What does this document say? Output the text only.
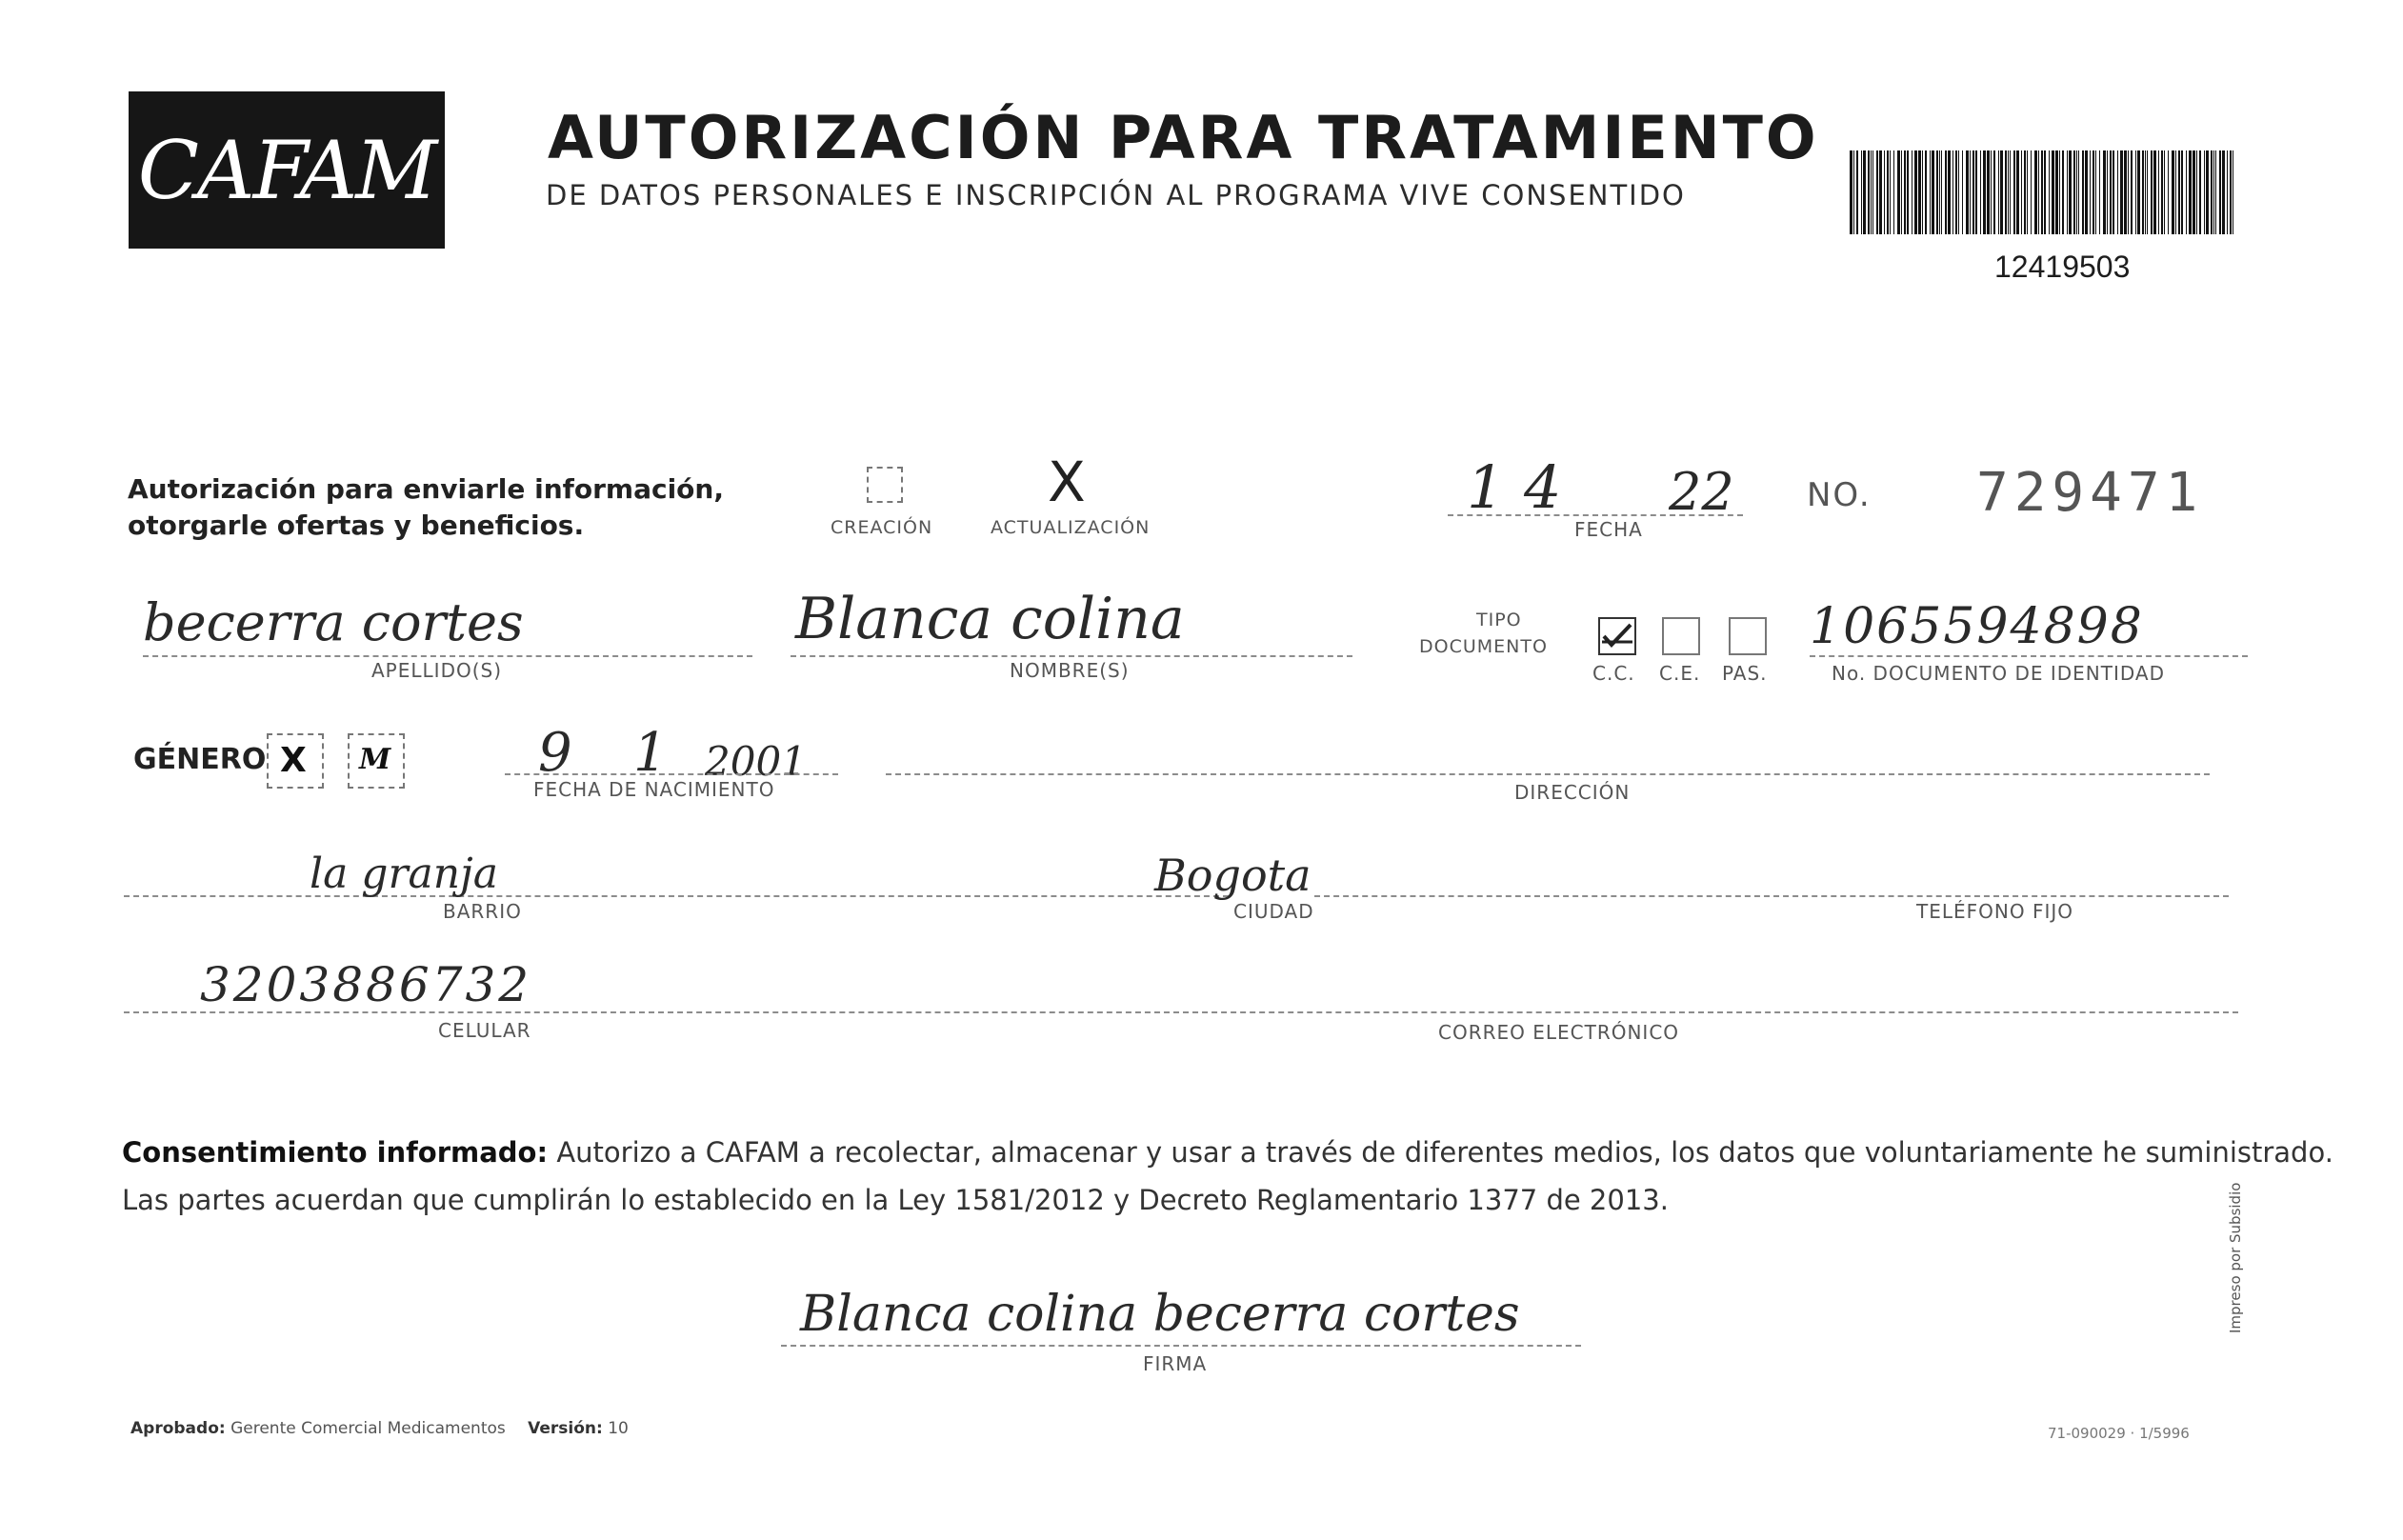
CAFAM AUTORIZACIÓN PARA TRATAMIENTO
DE DATOS PERSONALES E INSCRIPCIÓN AL PROGRAMA VIVE CONSENTIDO
12419503
Autorización para enviarle información,
otorgarle ofertas y beneficios.	CREACIÓN
X
ACTUALIZACIÓN
1 4 22
FECHA
NO. 729471
becerra cortes
APELLIDO(S)
Blanca colina
NOMBRE(S)
TIPO
DOCUMENTO
C.C. C.E. PAS.
1065594898
No. DOCUMENTO DE IDENTIDAD
GÉNERO X M	9 1 2001
FECHA DE NACIMIENTO	DIRECCIÓN
la granja
BARRIO
Bogota
CIUDAD	TELÉFONO FIJO
3203886732
CELULAR	CORREO ELECTRÓNICO
Consentimiento informado: Autorizo a CAFAM a recolectar, almacenar y usar a través de diferentes medios, los datos que voluntariamente he suministrado.
Las partes acuerdan que cumplirán lo establecido en la Ley 1581/2012 y Decreto Reglamentario 1377 de 2013.
Blanca colina becerra cortes
FIRMA
Aprobado: Gerente Comercial Medicamentos Versión: 10	71-090029 · 1/5996
Impreso por Subsidio
